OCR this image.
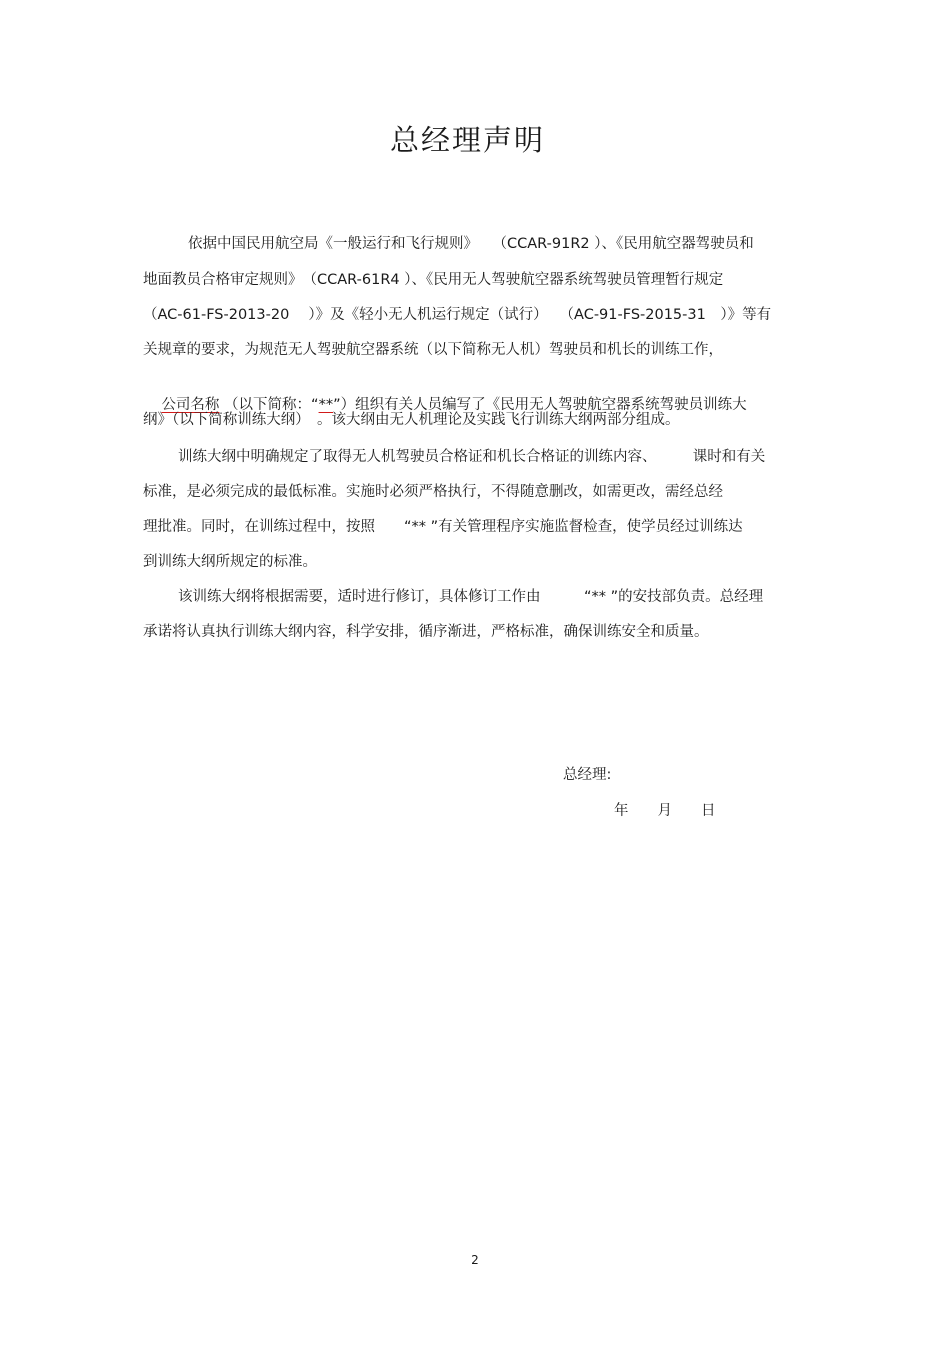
总经理声明
依据中国民用航空局《一般运行和飞行规则》　　（CCAR-91R2 ）、《民用航空器驾驶员和
地面教员合格审定规则》　（CCAR-61R4 ）、《民用无人驾驶航空器系统驾驶员管理暂行规定
（AC-61-FS-2013-20　 ）》及《轻小无人机运行规定（试行）　 （AC-91-FS-2015-31　）》等有
关规章的要求，为规范无人驾驶航空器系统（以下简称无人机）驾驶员和机长的训练工作，

公司名称 （以下简称：“**”）组织有关人员编写了《民用无人驾驶航空器系统驾驶员训练大

纲》（以下简称训练大纲）　。该大纲由无人机理论及实践飞行训练大纲两部分组成。
训练大纲中明确规定了取得无人机驾驶员合格证和机长合格证的训练内容、　　　课时和有关
标准，是必须完成的最低标准。实施时必须严格执行，不得随意删改，如需更改，需经总经
理批准。同时，在训练过程中，按照　　“** ”有关管理程序实施监督检查，使学员经过训练达
到训练大纲所规定的标准。
该训练大纲将根据需要，适时进行修订，具体修订工作由　　　“** ”的安技部负责。总经理
承诺将认真执行训练大纲内容，科学安排，循序渐进，严格标准，确保训练安全和质量。
总经理:
年　　月　　日
2
